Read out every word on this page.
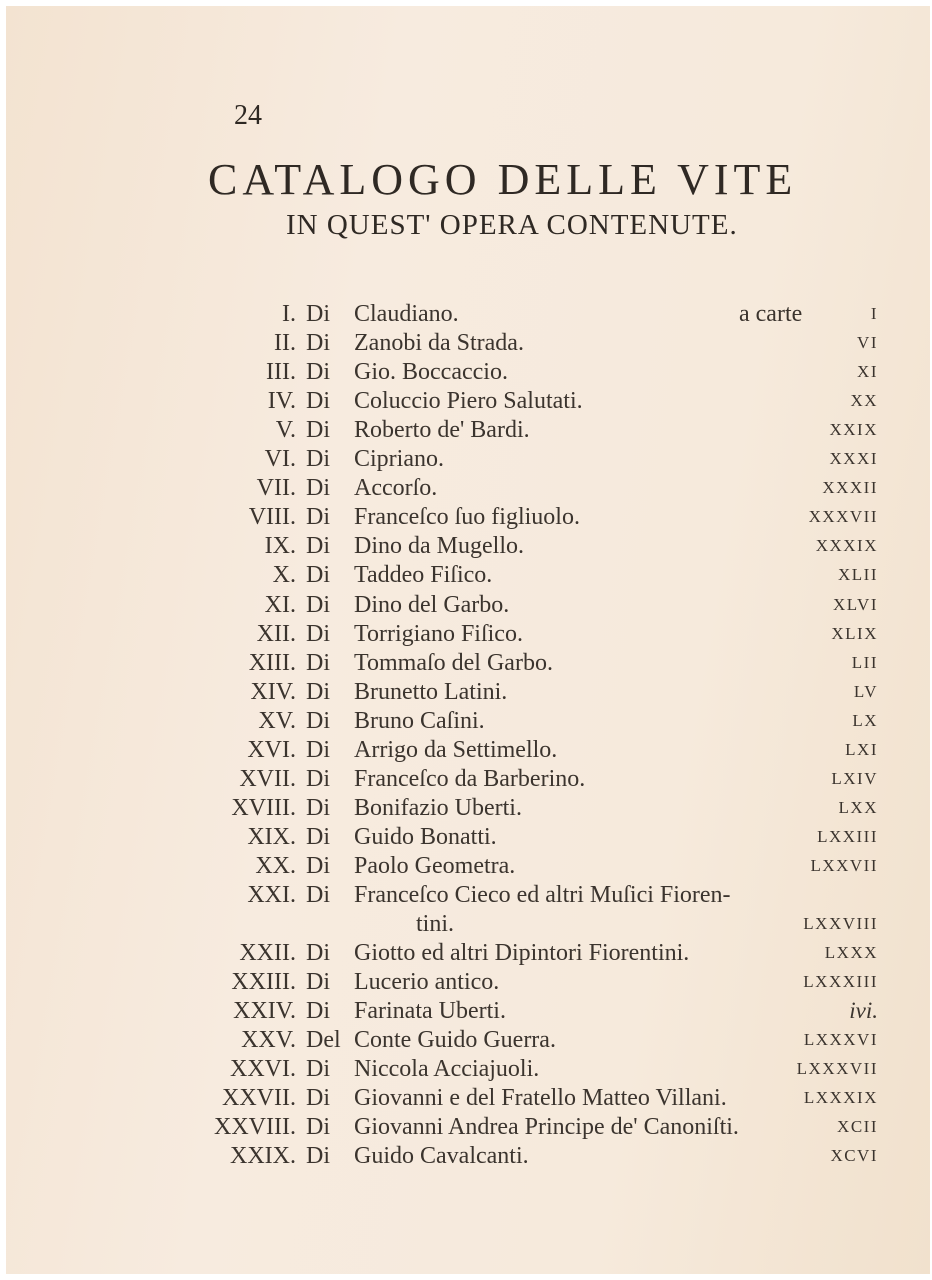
24
CATALOGO DELLE VITE
IN QUEST' OPERA CONTENUTE.
I. Di Claudiano.	a carte	I
II. Di Zanobi da Strada.	VI
III. Di Gio. Boccaccio.	XI
IV. Di Coluccio Piero Salutati.	XX
V. Di Roberto de' Bardi.	XXIX
VI. Di Cipriano.	XXXI
VII. Di Accorſo.	XXXII
VIII. Di Franceſco ſuo figliuolo.	XXXVII
IX. Di Dino da Mugello.	XXXIX
X. Di Taddeo Fiſico.	XLII
XI. Di Dino del Garbo.	XLVI
XII. Di Torrigiano Fiſico.	XLIX
XIII. Di Tommaſo del Garbo.	LII
XIV. Di Brunetto Latini.	LV
XV. Di Bruno Caſini.	LX
XVI. Di Arrigo da Settimello.	LXI
XVII. Di Franceſco da Barberino.	LXIV
XVIII. Di Bonifazio Uberti.	LXX
XIX. Di Guido Bonatti.	LXXIII
XX. Di Paolo Geometra.	LXXVII
XXI. Di Franceſco Cieco ed altri Muſici Fioren-
tini.	LXXVIII
XXII. Di Giotto ed altri Dipintori Fiorentini.	LXXX
XXIII. Di Lucerio antico.	LXXXIII
XXIV. Di Farinata Uberti.	ivi.
XXV. Del Conte Guido Guerra.	LXXXVI
XXVI. Di Niccola Acciajuoli.	LXXXVII
XXVII. Di Giovanni e del Fratello Matteo Villani.	LXXXIX
XXVIII. Di Giovanni Andrea Principe de' Canoniſti.	XCII
XXIX. Di Guido Cavalcanti.	XCVI
